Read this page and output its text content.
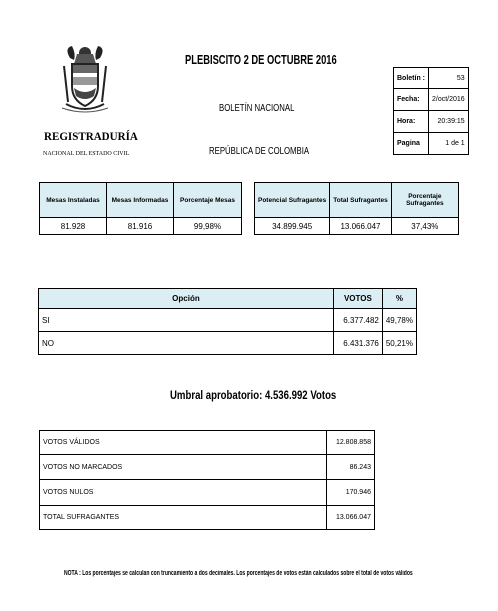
REGISTRADURÍA
NACIONAL DEL ESTADO CIVIL
PLEBISCITO 2 DE OCTUBRE 2016
BOLETÍN NACIONAL
REPÚBLICA DE COLOMBIA
Boletín :	53
Fecha:	2/oct/2016
Hora:	20:39:15
Pagina	1 de 1
Mesas Instaladas	Mesas Informadas	Porcentaje Mesas
81.928	81.916	99,98%
Potencial Sufragantes	Total Sufragantes	Porcentaje Sufragantes
34.899.945	13.066.047	37,43%
Opción	VOTOS	%
SI	6.377.482	49,78%
NO	6.431.376	50,21%
Umbral aprobatorio: 4.536.992 Votos
VOTOS VÁLIDOS	12.808.858
VOTOS NO MARCADOS	86.243
VOTOS NULOS	170.946
TOTAL SUFRAGANTES	13.066.047
NOTA : Los porcentajes se calculan con truncamiento a dos decimales. Los porcentajes de votos están calculados sobre el total de votos válidos
